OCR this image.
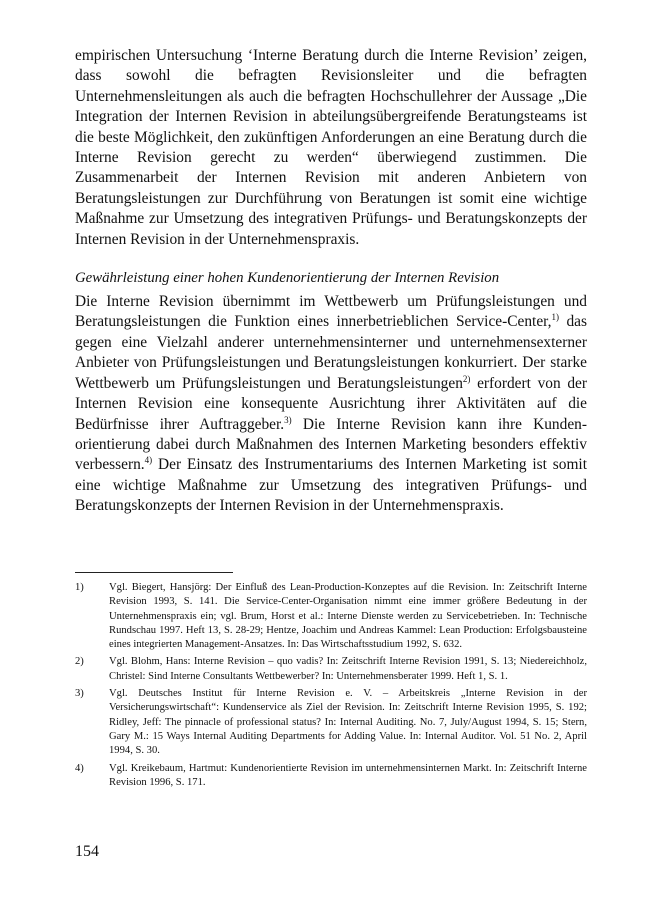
empirischen Untersuchung ‘Interne Beratung durch die Interne Revision’ zeigen, dass sowohl die befragten Revisionsleiter und die befragten Unternehmensleitungen als auch die befragten Hochschullehrer der Aussage „Die Integration der Internen Revision in abteilungsübergreifende Beratungsteams ist die beste Möglichkeit, den zukünftigen Anforderungen an eine Beratung durch die Interne Revision gerecht zu werden“ überwiegend zustimmen. Die Zusammenarbeit der Internen Revision mit anderen Anbietern von Beratungsleistungen zur Durchführung von Beratungen ist somit eine wichtige Maßnahme zur Umsetzung des integrativen Prüfungs- und Beratungskonzepts der Internen Revision in der Unternehmenspraxis.

Gewährleistung einer hohen Kundenorientierung der Internen Revision

Die Interne Revision übernimmt im Wettbewerb um Prüfungsleistungen und Beratungsleistungen die Funktion eines innerbetrieblichen Service-Center,$^{1)}$ das gegen eine Vielzahl anderer unternehmensinterner und unternehmensexterner Anbieter von Prüfungsleistungen und Beratungsleistungen konkurriert. Der starke Wettbewerb um Prüfungsleistungen und Beratungsleistungen$^{2)}$ erfordert von der Internen Revision eine konsequente Ausrichtung ihrer Aktivitäten auf die Bedürfnisse ihrer Auftraggeber.$^{3)}$ Die Interne Revision kann ihre Kundenorientierung dabei durch Maßnahmen des Internen Marketing besonders effektiv verbessern.$^{4)}$ Der Einsatz des Instrumentariums des Internen Marketing ist somit eine wichtige Maßnahme zur Umsetzung des integrativen Prüfungs- und Beratungskonzepts der Internen Revision in der Unternehmenspraxis.

1)	Vgl. Biegert, Hansjörg: Der Einfluß des Lean-Production-Konzeptes auf die Revision. In: Zeitschrift Interne Revision 1993, S. 141. Die Service-Center-Organisation nimmt eine immer größere Bedeutung in der Unternehmenspraxis ein; vgl. Brum, Horst et al.: Interne Dienste werden zu Servicebetrieben. In: Technische Rundschau 1997. Heft 13, S. 28-29; Hentze, Joachim und Andreas Kammel: Lean Production: Erfolgsbausteine eines integrierten Management-Ansatzes. In: Das Wirtschaftsstudium 1992, S. 632.
2)	Vgl. Blohm, Hans: Interne Revision – quo vadis? In: Zeitschrift Interne Revision 1991, S. 13; Niedereichholz, Christel: Sind Interne Consultants Wettbewerber? In: Unternehmensberater 1999. Heft 1, S. 1.
3)	Vgl. Deutsches Institut für Interne Revision e. V. – Arbeitskreis „Interne Revision in der Versicherungswirtschaft“: Kundenservice als Ziel der Revision. In: Zeitschrift Interne Revision 1995, S. 192; Ridley, Jeff: The pinnacle of professional status? In: Internal Auditing. No. 7, July/August 1994, S. 15; Stern, Gary M.: 15 Ways Internal Auditing Departments for Adding Value. In: Internal Auditor. Vol. 51 No. 2, April 1994, S. 30.
4)	Vgl. Kreikebaum, Hartmut: Kundenorientierte Revision im unternehmensinternen Markt. In: Zeitschrift Interne Revision 1996, S. 171.
154
